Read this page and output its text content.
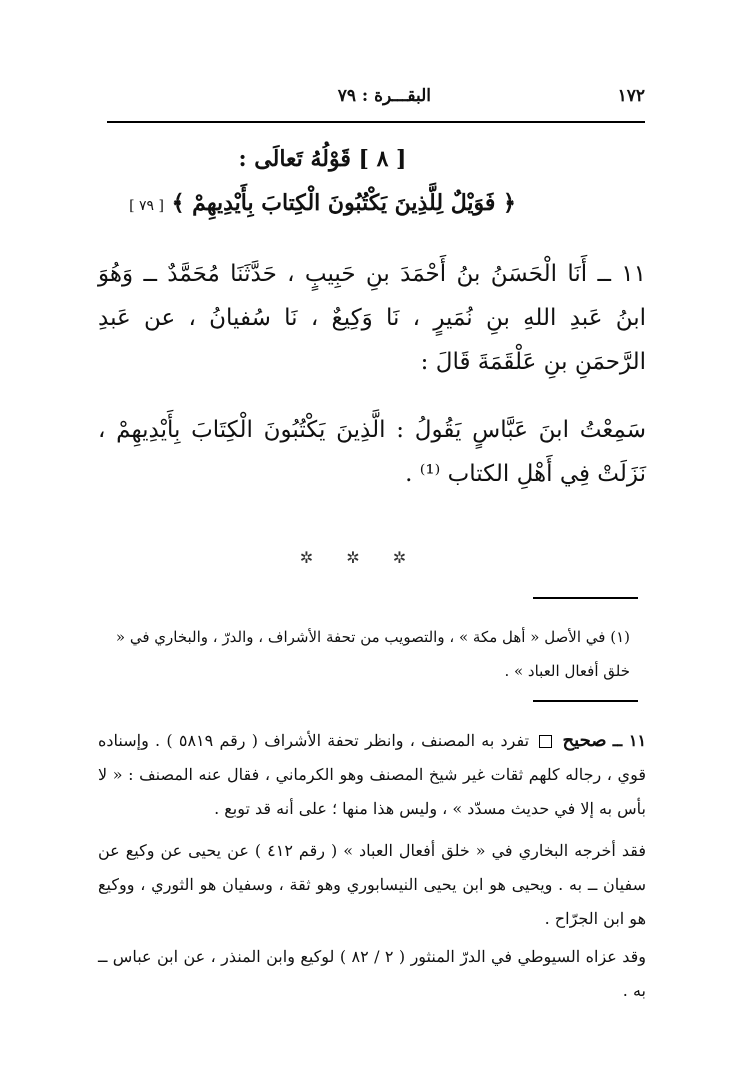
١٧٢
البقـــرة : ٧٩
[ ٨ ] قَوْلُهُ تَعالَى :
﴿ فَوَيْلٌ لِلَّذِينَ يَكْتُبُونَ الْكِتابَ بِأَيْدِيهِمْ ﴾ [ ٧٩ ]
١١ ــ أَنَا الْحَسَنُ بنُ أَحْمَدَ بنِ حَبِيبٍ ، حَدَّثَنَا مُحَمَّدٌ ــ وَهُوَ ابنُ عَبدِ اللهِ بنِ نُمَيرٍ ، نَا وَكِيعٌ ، نَا سُفيانُ ، عن عَبدِ الرَّحمَنِ بنِ عَلْقَمَةَ قَالَ :
سَمِعْتُ ابنَ عَبَّاسٍ يَقُولُ : الَّذِينَ يَكْتُبُونَ الْكِتَابَ بِأَيْدِيهِمْ ، نَزَلَتْ فِي أَهْلِ الكتاب ⁽¹⁾ .
✲ ✲ ✲
(١) في الأصل « أهل مكة » ، والتصويب من تحفة الأشراف ، والدرّ ، والبخاري في « خلق أفعال العباد » .
١١ ــ صحيح  تفرد به المصنف ، وانظر تحفة الأشراف ( رقم ٥٨١٩ ) . وإسناده قوي ، رجاله كلهم ثقات غير شيخ المصنف وهو الكرماني ، فقال عنه المصنف : « لا بأس به إلا في حديث مسدّد » ، وليس هذا منها ؛ على أنه قد توبع .
فقد أخرجه البخاري في « خلق أفعال العباد » ( رقم ٤١٢ ) عن يحيى عن وكيع عن سفيان ــ به . ويحيى هو ابن يحيى النيسابوري وهو ثقة ، وسفيان هو الثوري ، ووكيع هو ابن الجرّاح .
وقد عزاه السيوطي في الدرّ المنثور ( ٢ / ٨٢ ) لوكيع وابن المنذر ، عن ابن عباس ــ به .
